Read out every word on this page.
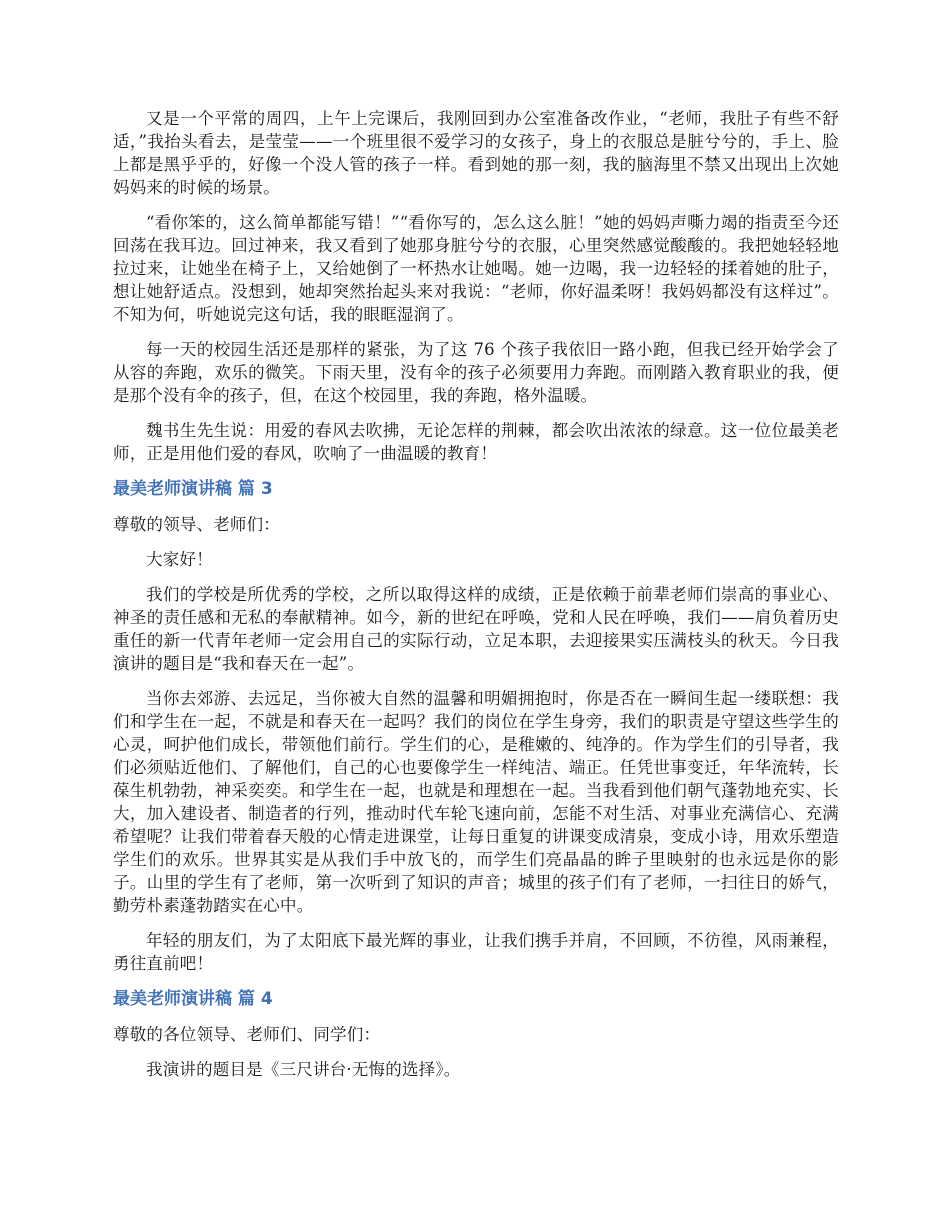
又是一个平常的周四，上午上完课后，我刚回到办公室准备改作业，“老师，我肚子有些不舒适，”我抬头看去，是莹莹——一个班里很不爱学习的女孩子，身上的衣服总是脏兮兮的，手上、脸上都是黑乎乎的，好像一个没人管的孩子一样。看到她的那一刻，我的脑海里不禁又出现出上次她妈妈来的时候的场景。

“看你笨的，这么简单都能写错！”“看你写的，怎么这么脏！”她的妈妈声嘶力竭的指责至今还回荡在我耳边。回过神来，我又看到了她那身脏兮兮的衣服，心里突然感觉酸酸的。我把她轻轻地拉过来，让她坐在椅子上，又给她倒了一杯热水让她喝。她一边喝，我一边轻轻的揉着她的肚子，想让她舒适点。没想到，她却突然抬起头来对我说：“老师，你好温柔呀！我妈妈都没有这样过”。不知为何，听她说完这句话，我的眼眶湿润了。

每一天的校园生活还是那样的紧张，为了这 76 个孩子我依旧一路小跑，但我已经开始学会了从容的奔跑，欢乐的微笑。下雨天里，没有伞的孩子必须要用力奔跑。而刚踏入教育职业的我，便是那个没有伞的孩子，但，在这个校园里，我的奔跑，格外温暖。

魏书生先生说：用爱的春风去吹拂，无论怎样的荆棘，都会吹出浓浓的绿意。这一位位最美老师，正是用他们爱的春风，吹响了一曲温暖的教育！

最美老师演讲稿 篇 3

尊敬的领导、老师们：

大家好！

我们的学校是所优秀的学校，之所以取得这样的成绩，正是依赖于前辈老师们崇高的事业心、神圣的责任感和无私的奉献精神。如今，新的世纪在呼唤，党和人民在呼唤，我们——肩负着历史重任的新一代青年老师一定会用自己的实际行动，立足本职，去迎接果实压满枝头的秋天。今日我演讲的题目是“我和春天在一起”。

当你去郊游、去远足，当你被大自然的温馨和明媚拥抱时，你是否在一瞬间生起一缕联想：我们和学生在一起，不就是和春天在一起吗？我们的岗位在学生身旁，我们的职责是守望这些学生的心灵，呵护他们成长，带领他们前行。学生们的心，是稚嫩的、纯净的。作为学生们的引导者，我们必须贴近他们、了解他们，自己的心也要像学生一样纯洁、端正。任凭世事变迁，年华流转，长葆生机勃勃，神采奕奕。和学生在一起，也就是和理想在一起。当我看到他们朝气蓬勃地充实、长大，加入建设者、制造者的行列，推动时代车轮飞速向前，怎能不对生活、对事业充满信心、充满希望呢？让我们带着春天般的心情走进课堂，让每日重复的讲课变成清泉，变成小诗，用欢乐塑造学生们的欢乐。世界其实是从我们手中放飞的，而学生们亮晶晶的眸子里映射的也永远是你的影子。山里的学生有了老师，第一次听到了知识的声音；城里的孩子们有了老师，一扫往日的娇气，勤劳朴素蓬勃踏实在心中。

年轻的朋友们，为了太阳底下最光辉的事业，让我们携手并肩，不回顾，不彷徨，风雨兼程，勇往直前吧！

最美老师演讲稿 篇 4

尊敬的各位领导、老师们、同学们：

我演讲的题目是《三尺讲台·无悔的选择》。
